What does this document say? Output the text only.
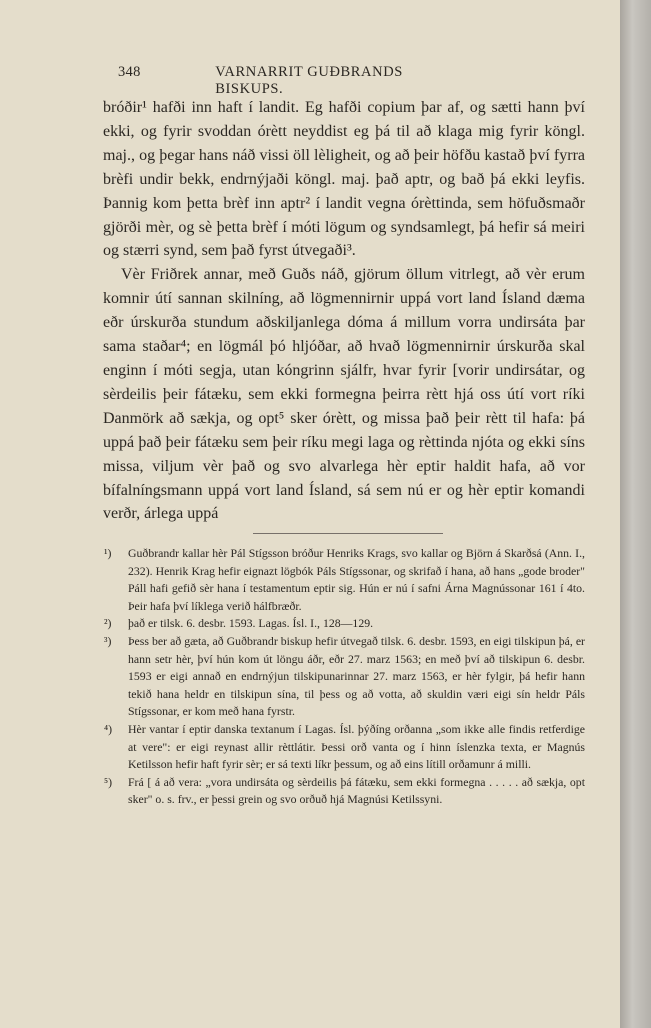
348	VARNARRIT GUÐBRANDS BISKUPS.

bróðir¹ hafði inn haft í landit. Eg hafði copium þar af, og sætti hann því ekki, og fyrir svoddan órètt neyddist eg þá til að klaga mig fyrir köngl. maj., og þegar hans náð vissi öll lèligheit, og að þeir höfðu kastað því fyrra brèfi undir bekk, endrnýjaði köngl. maj. það aptr, og bað þá ekki leyfis. Þannig kom þetta brèf inn aptr² í landit vegna órèttinda, sem höfuðsmaðr gjörði mèr, og sè þetta brèf í móti lögum og syndsamlegt, þá hefir sá meiri og stærri synd, sem það fyrst útvegaði³.

Vèr Friðrek annar, með Guðs náð, gjörum öllum vitrlegt, að vèr erum komnir útí sannan skilníng, að lögmennirnir uppá vort land Ísland dæma eðr úrskurða stundum aðskiljanlega dóma á millum vorra undirsáta þar sama staðar⁴; en lögmál þó hljóðar, að hvað lögmennirnir úrskurða skal enginn í móti segja, utan kóngrinn sjálfr, hvar fyrir [vorir undirsátar, og sèrdeilis þeir fátæku, sem ekki formegna þeirra rètt hjá oss útí vort ríki Danmörk að sækja, og opt⁵ sker órètt, og missa það þeir rètt til hafa: þá uppá það þeir fátæku sem þeir ríku megi laga og rèttinda njóta og ekki síns missa, viljum vèr það og svo alvarlega hèr eptir haldit hafa, að vor bífalníngsmann uppá vort land Ísland, sá sem nú er og hèr eptir komandi verðr, árlega uppá

¹)	Guðbrandr kallar hèr Pál Stígsson bróður Henriks Krags, svo kallar og Björn á Skarðsá (Ann. I., 232). Henrik Krag hefir eignazt lögbók Páls Stígssonar, og skrifað í hana, að hans „gode broder" Páll hafi gefið sèr hana í testamentum eptir sig. Hún er nú í safni Árna Magnússonar 161 í 4to. Þeir hafa því líklega verið hálfbræðr.
²)	það er tilsk. 6. desbr. 1593. Lagas. Ísl. I., 128—129.
³)	Þess ber að gæta, að Guðbrandr biskup hefir útvegað tilsk. 6. desbr. 1593, en eigi tilskipun þá, er hann setr hèr, því hún kom út löngu áðr, eðr 27. marz 1563; en með því að tilskipun 6. desbr. 1593 er eigi annað en endrnýjun tilskipunarinnar 27. marz 1563, er hèr fylgir, þá hefir hann tekið hana heldr en tilskipun sína, til þess og að votta, að skuldin væri eigi sín heldr Páls Stígssonar, er kom með hana fyrstr.
⁴)	Hèr vantar í eptir danska textanum í Lagas. Ísl. þýðíng orðanna „som ikke alle findis retferdige at vere": er eigi reynast allir rèttlátir. Þessi orð vanta og í hinn íslenzka texta, er Magnús Ketilsson hefir haft fyrir sèr; er sá texti líkr þessum, og að eins lítill orðamunr á milli.
⁵)	Frá [ á að vera: „vora undirsáta og sèrdeilis þá fátæku, sem ekki formegna . . . . . að sækja, opt sker" o. s. frv., er þessi grein og svo orðuð hjá Magnúsi Ketilssyni.
